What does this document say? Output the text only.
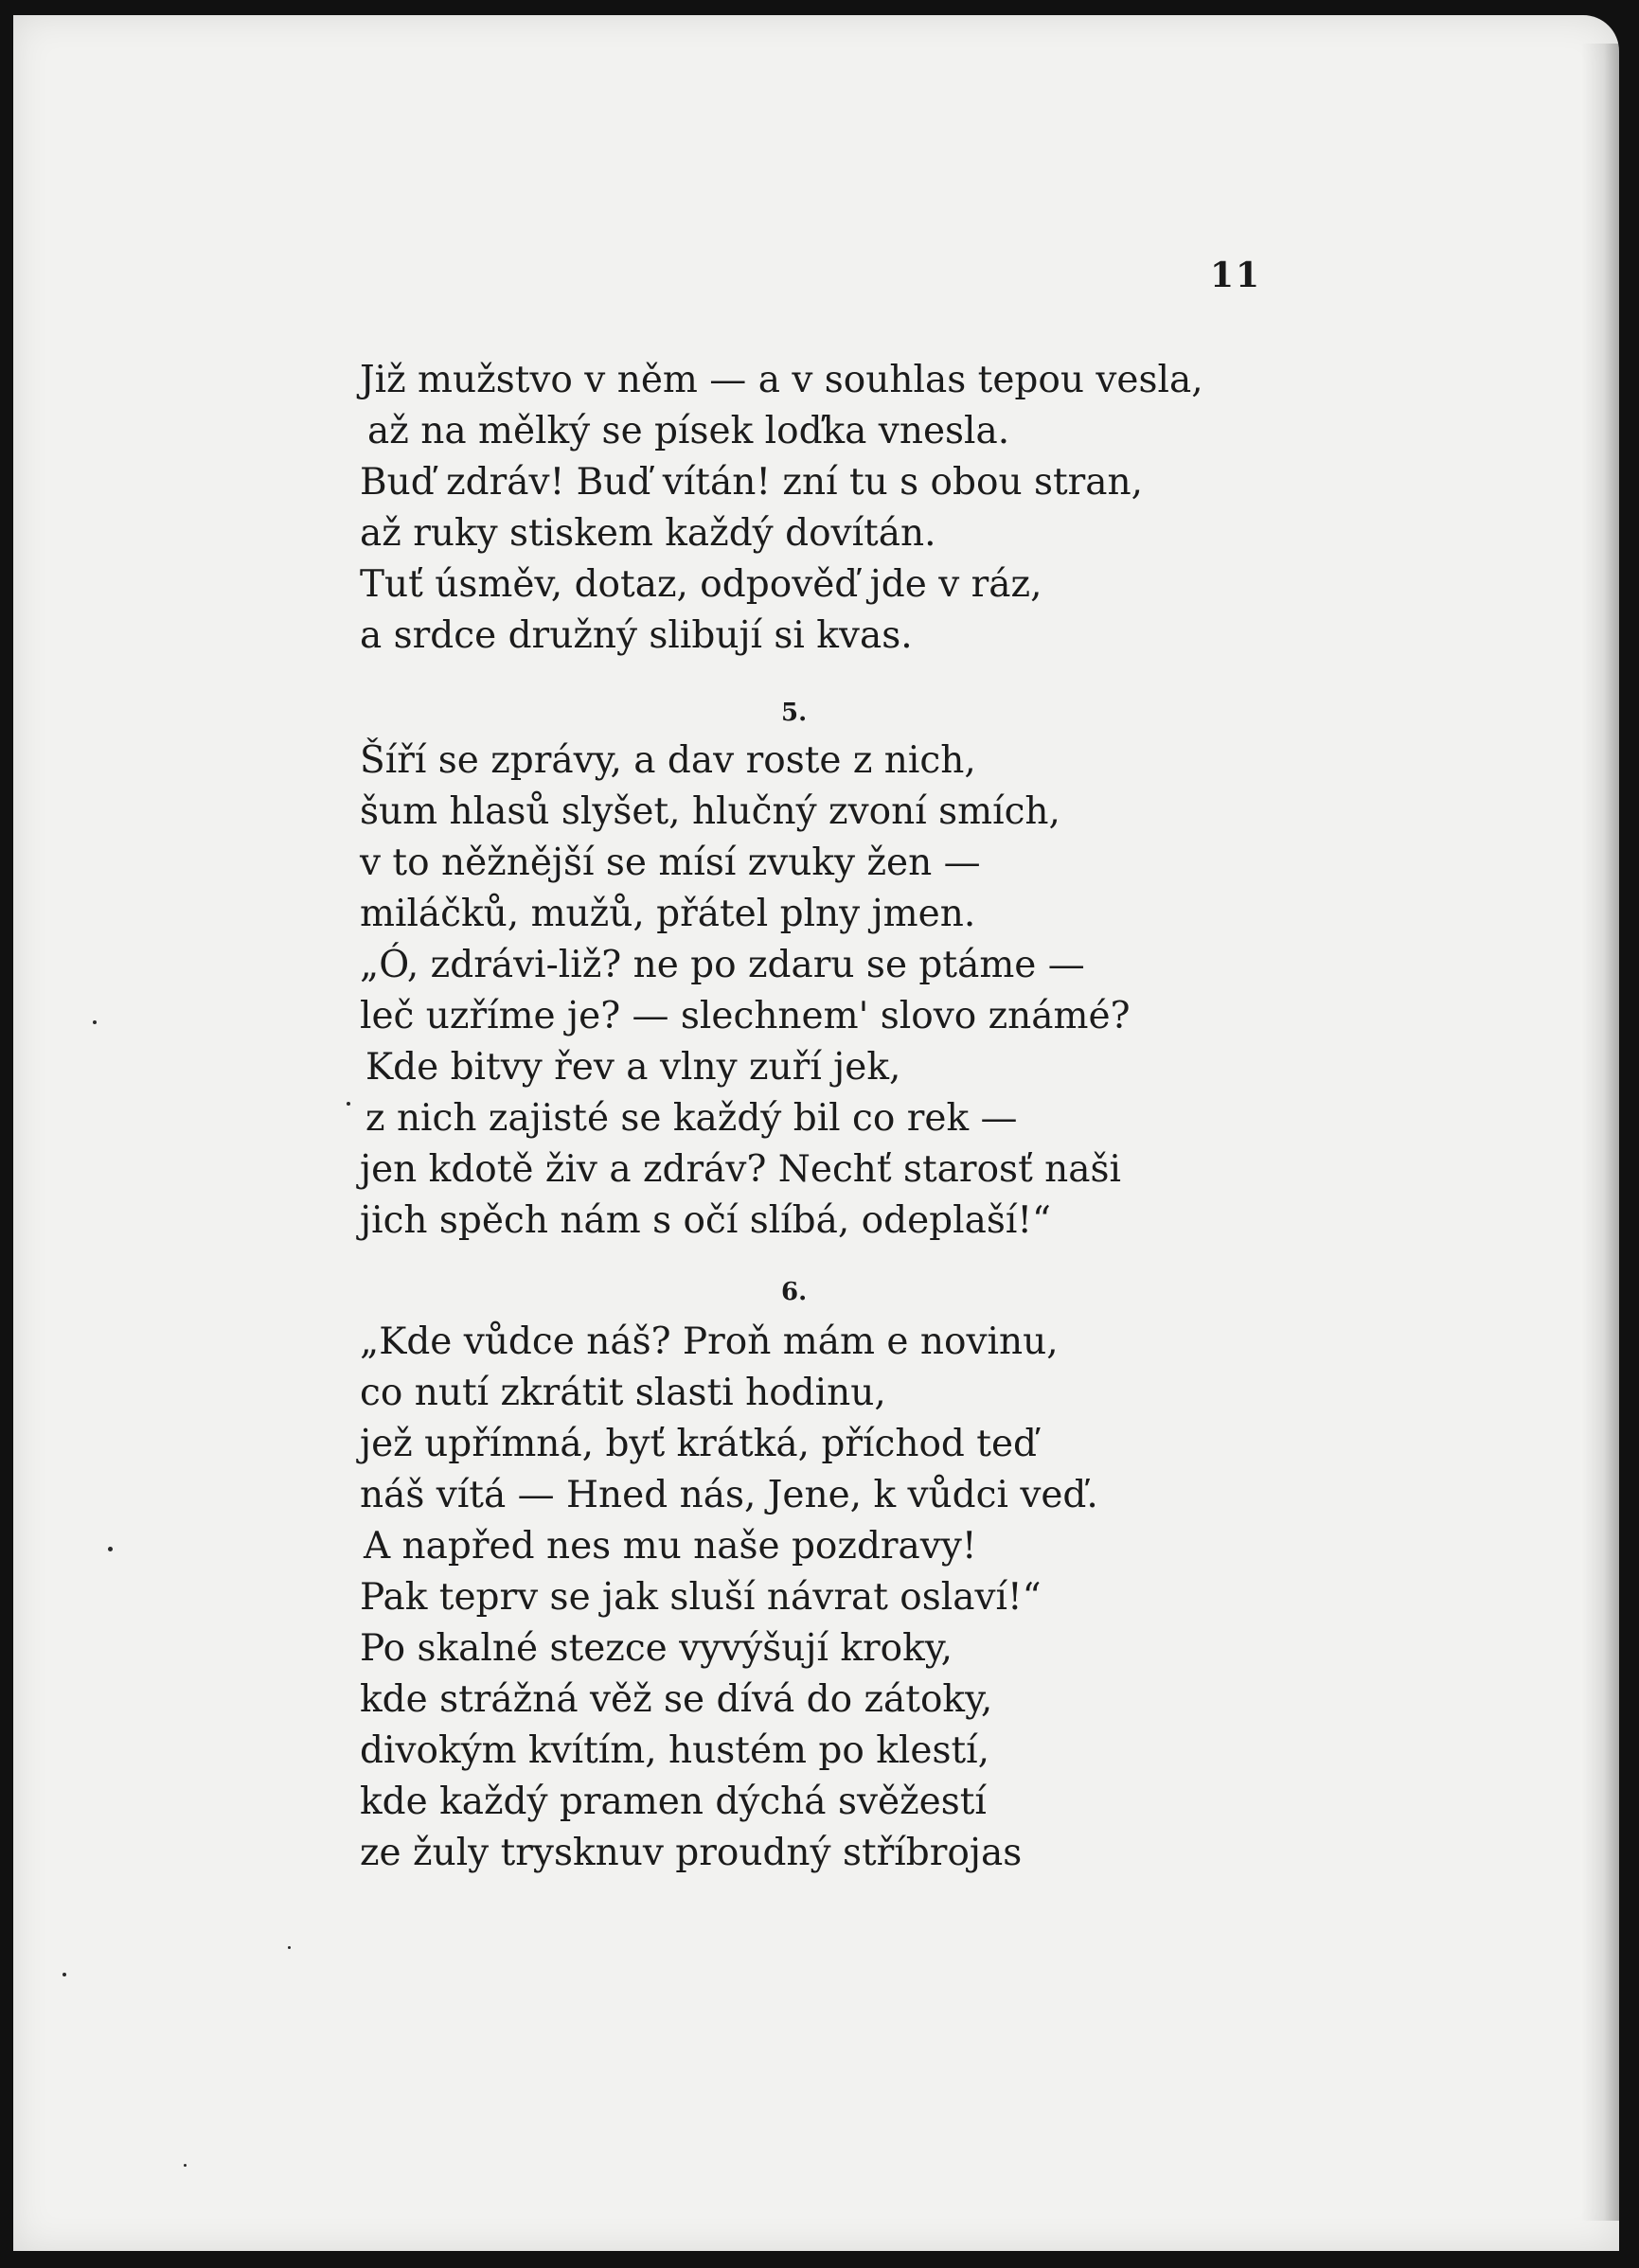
11
Již mužstvo v něm — a v souhlas tepou vesla,
až na mělký se písek loďka vnesla.
Buď zdráv! Buď vítán! zní tu s obou stran,
až ruky stiskem každý dovítán.
Tuť úsměv, dotaz, odpověď jde v ráz,
a srdce družný slibují si kvas.
5.
Šíří se zprávy, a dav roste z nich,
šum hlasů slyšet, hlučný zvoní smích,
v to něžnější se mísí zvuky žen —
miláčků, mužů, přátel plny jmen.
„Ó, zdrávi-liž? ne po zdaru se ptáme —
leč uzříme je? — slechnem' slovo známé?
Kde bitvy řev a vlny zuří jek,
z nich zajisté se každý bil co rek —
jen kdotě živ a zdráv? Nechť starosť naši
jich spěch nám s očí slíbá, odeplaší!“
6.
„Kde vůdce náš? Proň mám e novinu,
co nutí zkrátit slasti hodinu,
jež upřímná, byť krátká, příchod teď
náš vítá — Hned nás, Jene, k vůdci veď.
A napřed nes mu naše pozdravy!
Pak teprv se jak sluší návrat oslaví!“
Po skalné stezce vyvýšují kroky,
kde strážná věž se dívá do zátoky,
divokým kvítím, hustém po klestí,
kde každý pramen dýchá svěžestí
ze žuly trysknuv proudný stříbrojas
